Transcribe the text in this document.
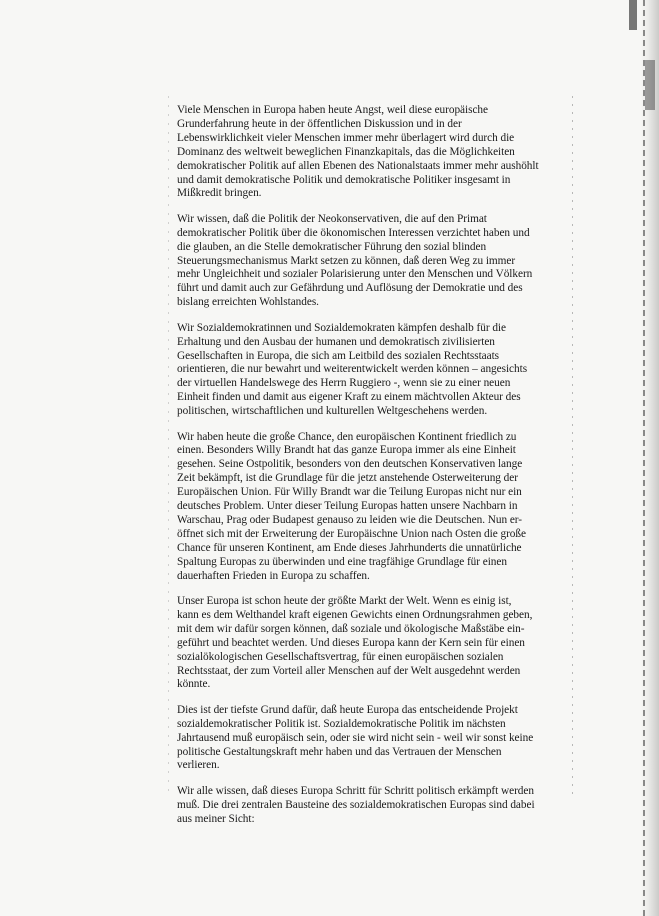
Viele Menschen in Europa haben heute Angst, weil diese europäische
Grunderfahrung heute in der öffentlichen Diskussion und in der
Lebenswirklichkeit vieler Menschen immer mehr überlagert wird durch die
Dominanz des weltweit beweglichen Finanzkapitals, das die Möglichkeiten
demokratischer Politik auf allen Ebenen des Nationalstaats immer mehr aushöhlt
und damit demokratische Politik und demokratische Politiker insgesamt in
Mißkredit bringen.

Wir wissen, daß die Politik der Neokonservativen, die auf den Primat
demokratischer Politik über die ökonomischen Interessen verzichtet haben und
die glauben, an die Stelle demokratischer Führung den sozial blinden
Steuerungsmechanismus Markt setzen zu können, daß deren Weg zu immer
mehr Ungleichheit und sozialer Polarisierung unter den Menschen und Völkern
führt und damit auch zur Gefährdung und Auflösung der Demokratie und des
bislang erreichten Wohlstandes.

Wir Sozialdemokratinnen und Sozialdemokraten kämpfen deshalb für die
Erhaltung und den Ausbau der humanen und demokratisch zivilisierten
Gesellschaften in Europa, die sich am Leitbild des sozialen Rechtsstaats
orientieren, die nur bewahrt und weiterentwickelt werden können – angesichts
der virtuellen Handelswege des Herrn Ruggiero -, wenn sie zu einer neuen
Einheit finden und damit aus eigener Kraft zu einem mächtvollen Akteur des
politischen, wirtschaftlichen und kulturellen Weltgeschehens werden.

Wir haben heute die große Chance, den europäischen Kontinent friedlich zu
einen. Besonders Willy Brandt hat das ganze Europa immer als eine Einheit
gesehen. Seine Ostpolitik, besonders von den deutschen Konservativen lange
Zeit bekämpft, ist die Grundlage für die jetzt anstehende Osterweiterung der
Europäischen Union. Für Willy Brandt war die Teilung Europas nicht nur ein
deutsches Problem. Unter dieser Teilung Europas hatten unsere Nachbarn in
Warschau, Prag oder Budapest genauso zu leiden wie die Deutschen. Nun er-
öffnet sich mit der Erweiterung der Europäischne Union nach Osten die große
Chance für unseren Kontinent, am Ende dieses Jahrhunderts die unnatürliche
Spaltung Europas zu überwinden und eine tragfähige Grundlage für einen
dauerhaften Frieden in Europa zu schaffen.

Unser Europa ist schon heute der größte Markt der Welt. Wenn es einig ist,
kann es dem Welthandel kraft eigenen Gewichts einen Ordnungsrahmen geben,
mit dem wir dafür sorgen können, daß soziale und ökologische Maßstäbe ein-
geführt und beachtet werden. Und dieses Europa kann der Kern sein für einen
sozialökologischen Gesellschaftsvertrag, für einen europäischen sozialen
Rechtsstaat, der zum Vorteil aller Menschen auf der Welt ausgedehnt werden
könnte.

Dies ist der tiefste Grund dafür, daß heute Europa das entscheidende Projekt
sozialdemokratischer Politik ist. Sozialdemokratische Politik im nächsten
Jahrtausend muß europäisch sein, oder sie wird nicht sein - weil wir sonst keine
politische Gestaltungskraft mehr haben und das Vertrauen der Menschen
verlieren.

Wir alle wissen, daß dieses Europa Schritt für Schritt politisch erkämpft werden
muß. Die drei zentralen Bausteine des sozialdemokratischen Europas sind dabei
aus meiner Sicht:
